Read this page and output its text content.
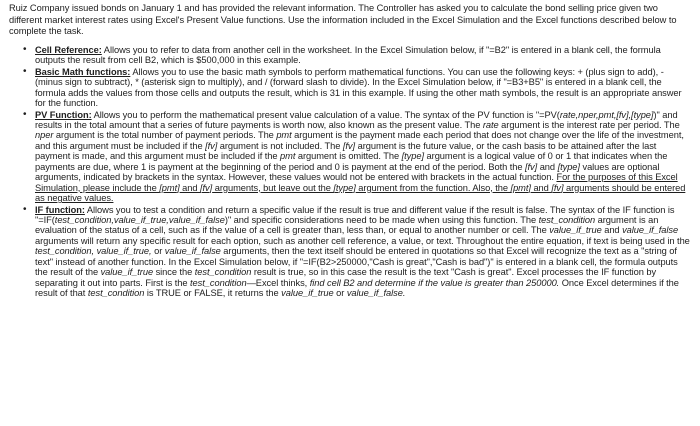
Ruiz Company issued bonds on January 1 and has provided the relevant information. The Controller has asked you to calculate the bond selling price given two different market interest rates using Excel's Present Value functions. Use the information included in the Excel Simulation and the Excel functions described below to complete the task.

• Cell Reference: Allows you to refer to data from another cell in the worksheet. In the Excel Simulation below, if "=B2" is entered in a blank cell, the formula outputs the result from cell B2, which is $500,000 in this example.
• Basic Math functions: Allows you to use the basic math symbols to perform mathematical functions. You can use the following keys: + (plus sign to add), - (minus sign to subtract), * (asterisk sign to multiply), and / (forward slash to divide). In the Excel Simulation below, if "=B3+B5" is entered in a blank cell, the formula adds the values from those cells and outputs the result, which is 31 in this example. If using the other math symbols, the result is an appropriate answer for the function.
• PV Function: Allows you to perform the mathematical present value calculation of a value. The syntax of the PV function is "=PV(rate,nper,pmt,[fv],[type])" and results in the total amount that a series of future payments is worth now, also known as the present value. The rate argument is the interest rate per period. The nper argument is the total number of payment periods. The pmt argument is the payment made each period that does not change over the life of the investment, and this argument must be included if the [fv] argument is not included. The [fv] argument is the future value, or the cash basis to be attained after the last payment is made, and this argument must be included if the pmt argument is omitted. The [type] argument is a logical value of 0 or 1 that indicates when the payments are due, where 1 is payment at the beginning of the period and 0 is payment at the end of the period. Both the [fv] and [type] values are optional arguments, indicated by brackets in the syntax. However, these values would not be entered with brackets in the actual function. For the purposes of this Excel Simulation, please include the [pmt] and [fv] arguments, but leave out the [type] argument from the function. Also, the [pmt] and [fv] arguments should be entered as negative values.
• IF function: Allows you to test a condition and return a specific value if the result is true and different value if the result is false. The syntax of the IF function is "=IF(test_condition,value_if_true,value_if_false)" and specific considerations need to be made when using this function. The test_condition argument is an evaluation of the status of a cell, such as if the value of a cell is greater than, less than, or equal to another number or cell. The value_if_true and value_if_false arguments will return any specific result for each option, such as another cell reference, a value, or text. Throughout the entire equation, if text is being used in the test_condition, value_if_true, or value_if_false arguments, then the text itself should be entered in quotations so that Excel will recognize the text as a "string of text" instead of another function. In the Excel Simulation below, if "=IF(B2>250000,"Cash is great","Cash is bad")" is entered in a blank cell, the formula outputs the result of the value_if_true since the test_condition result is true, so in this case the result is the text "Cash is great". Excel processes the IF function by separating it out into parts. First is the test_condition—Excel thinks, find cell B2 and determine if the value is greater than 250000. Once Excel determines if the result of that test_condition is TRUE or FALSE, it returns the value_if_true or value_if_false.
